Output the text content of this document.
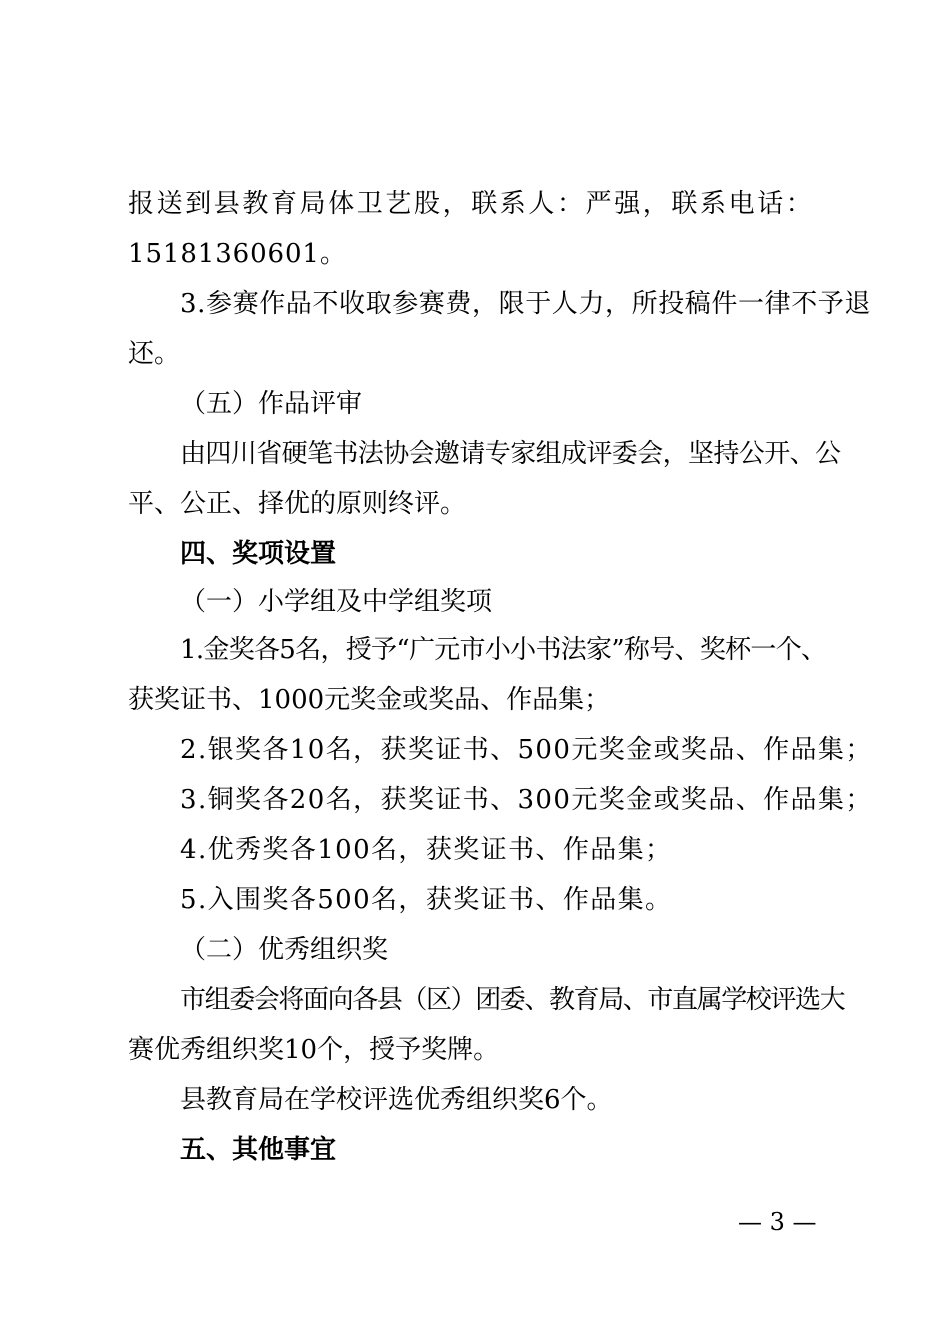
报送到县教育局体卫艺股，联系人：严强，联系电话：

15181360601。

3.参赛作品不收取参赛费，限于人力，所投稿件一律不予退

还。

（五）作品评审

由四川省硬笔书法协会邀请专家组成评委会，坚持公开、公

平、公正、择优的原则终评。

四、奖项设置

（一）小学组及中学组奖项

1.金奖各5名，授予“广元市小小书法家”称号、奖杯一个、

获奖证书、1000元奖金或奖品、作品集；

2.银奖各10名，获奖证书、500元奖金或奖品、作品集；

3.铜奖各20名，获奖证书、300元奖金或奖品、作品集；

4.优秀奖各100名，获奖证书、作品集；

5.入围奖各500名，获奖证书、作品集。

（二）优秀组织奖

市组委会将面向各县（区）团委、教育局、市直属学校评选大

赛优秀组织奖10个，授予奖牌。

县教育局在学校评选优秀组织奖6个。

五、其他事宜

— 3 —
